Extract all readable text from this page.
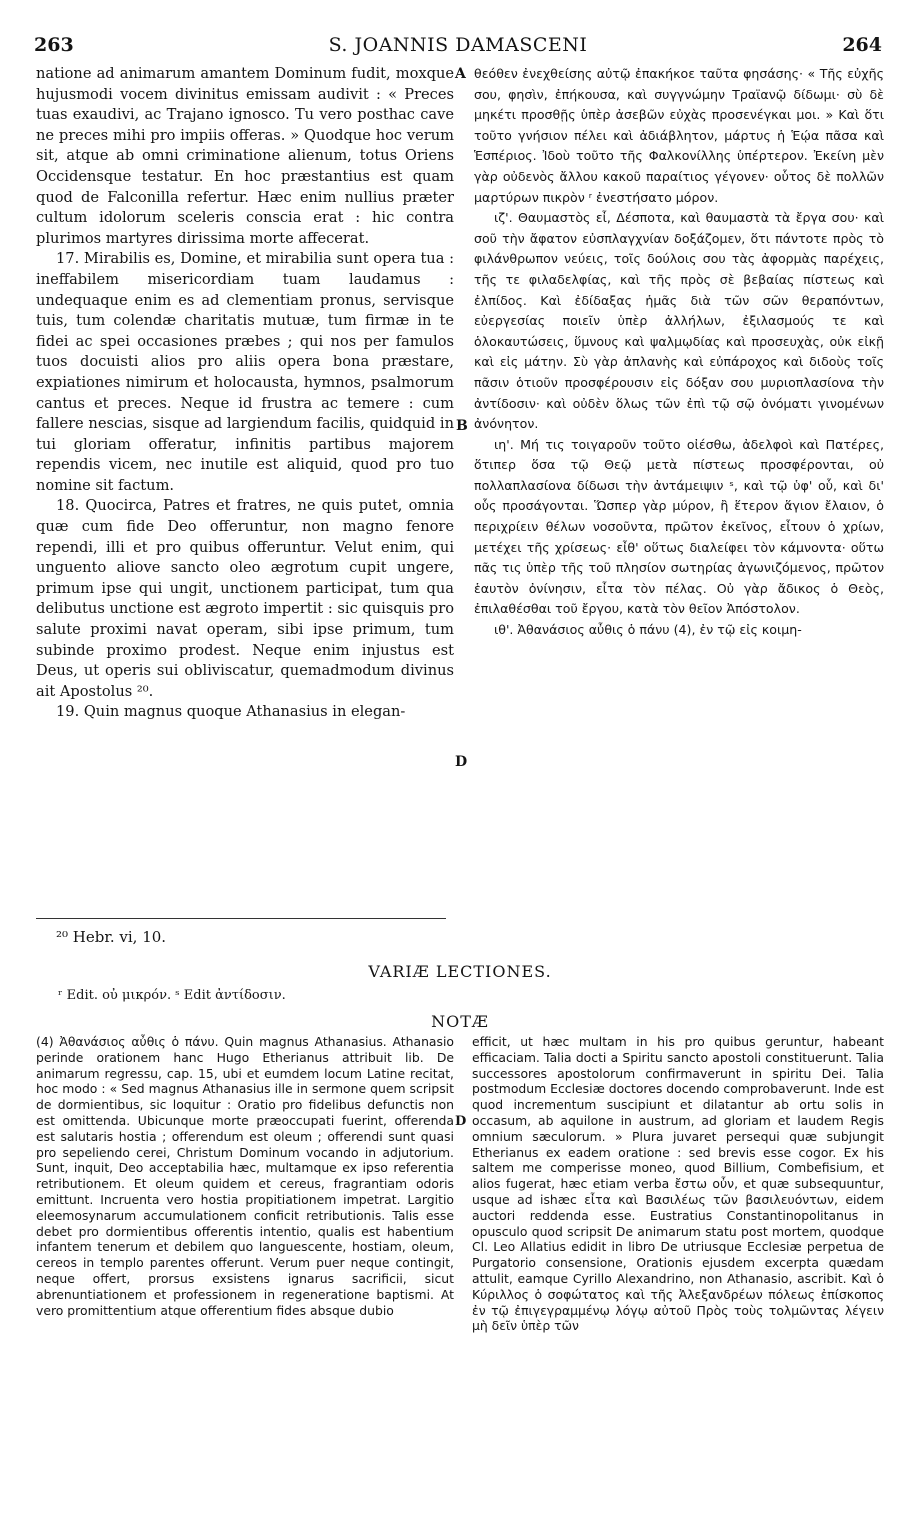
263	S. JOANNIS DAMASCENI	264

natione ad animarum amantem Dominum fudit, moxque hujusmodi vocem divinitus emissam audivit : « Preces tuas exaudivi, ac Trajano ignosco. Tu vero posthac cave ne preces mihi pro impiis offeras. » Quodque hoc verum sit, atque ab omni criminatione alienum, totus Oriens Occidensque testatur. En hoc præstantius est quam quod de Falconilla refertur. Hæc enim nullius præter cultum idolorum sceleris conscia erat : hic contra plurimos martyres dirissima morte affecerat.

17. Mirabilis es, Domine, et mirabilia sunt opera tua : ineffabilem misericordiam tuam laudamus : undequaque enim es ad clementiam pronus, servisque tuis, tum colendæ charitatis mutuæ, tum firmæ in te fidei ac spei occasiones præbes ; qui nos per famulos tuos docuisti alios pro aliis opera bona præstare, expiationes nimirum et holocausta, hymnos, psalmorum cantus et preces. Neque id frustra ac temere : cum fallere nescias, sisque ad largiendum facilis, quidquid in tui gloriam offeratur, infinitis partibus majorem rependis vicem, nec inutile est aliquid, quod pro tuo nomine sit factum.

18. Quocirca, Patres et fratres, ne quis putet, omnia quæ cum fide Deo offeruntur, non magno fenore rependi, illi et pro quibus offeruntur. Velut enim, qui unguento aliove sancto oleo ægrotum cupit ungere, primum ipse qui ungit, unctionem participat, tum qua delibutus unctione est ægroto impertit : sic quisquis pro salute proximi navat operam, sibi ipse primum, tum subinde proximo prodest. Neque enim injustus est Deus, ut operis sui obliviscatur, quemadmodum divinus ait Apostolus ²⁰.

19. Quin magnus quoque Athanasius in elegan-

A
B
D

θεόθεν ἐνεχθείσης αὐτῷ ἐπακήκοε ταῦτα φησάσης· « Τῆς εὐχῆς σου, φησὶν, ἐπήκουσα, καὶ συγγνώμην Τραϊανῷ δίδωμι· σὺ δὲ μηκέτι προσθῇς ὑπὲρ ἀσεβῶν εὐχὰς προσενέγκαι μοι. » Καὶ ὅτι τοῦτο γνήσιον πέλει καὶ ἀδιάβλητον, μάρτυς ἡ Ἑῴα πᾶσα καὶ Ἑσπέριος. Ἰδοὺ τοῦτο τῆς Φαλκονίλλης ὑπέρτερον. Ἐκείνη μὲν γὰρ οὐδενὸς ἄλλου κακοῦ παραίτιος γέγονεν· οὗτος δὲ πολλῶν μαρτύρων πικρὸν ʳ ἐνεστήσατο μόρον.

ιζ'. Θαυμαστὸς εἶ, Δέσποτα, καὶ θαυμαστὰ τὰ ἔργα σου· καὶ σοῦ τὴν ἄφατον εὐσπλαγχνίαν δοξάζομεν, ὅτι πάντοτε πρὸς τὸ φιλάνθρωπον νεύεις, τοῖς δούλοις σου τὰς ἀφορμὰς παρέχεις, τῆς τε φιλαδελφίας, καὶ τῆς πρὸς σὲ βεβαίας πίστεως καὶ ἐλπίδος. Καὶ ἐδίδαξας ἡμᾶς διὰ τῶν σῶν θεραπόντων, εὐεργεσίας ποιεῖν ὑπὲρ ἀλλήλων, ἐξιλασμούς τε καὶ ὁλοκαυτώσεις, ὕμνους καὶ ψαλμῳδίας καὶ προσευχὰς, οὐκ εἰκῇ καὶ εἰς μάτην. Σὺ γὰρ ἀπλανὴς καὶ εὐπάροχος καὶ διδοὺς τοῖς πᾶσιν ὁτιοῦν προσφέρουσιν εἰς δόξαν σου μυριοπλασίονα τὴν ἀντίδοσιν· καὶ οὐδὲν ὅλως τῶν ἐπὶ τῷ σῷ ὀνόματι γινομένων ἀνόνητον.

ιη'. Μή τις τοιγαροῦν τοῦτο οἰέσθω, ἀδελφοὶ καὶ Πατέρες, ὅτιπερ ὅσα τῷ Θεῷ μετὰ πίστεως προσφέρονται, οὐ πολλαπλασίονα δίδωσι τὴν ἀντάμειψιν ˢ, καὶ τῷ ὑφ' οὗ, καὶ δι' οὗς προσάγονται. Ὥσπερ γὰρ μύρον, ἢ ἕτερον ἅγιον ἔλαιον, ὁ περιχρίειν θέλων νοσοῦντα, πρῶτον ἐκεῖνος, εἶτουν ὁ χρίων, μετέχει τῆς χρίσεως· εἶθ' οὕτως διαλείφει τὸν κάμνοντα· οὕτω πᾶς τις ὑπὲρ τῆς τοῦ πλησίον σωτηρίας ἀγωνιζόμενος, πρῶτον ἑαυτὸν ὀνίνησιν, εἶτα τὸν πέλας. Οὐ γὰρ ἄδικος ὁ Θεὸς, ἐπιλαθέσθαι τοῦ ἔργου, κατὰ τὸν θεῖον Ἀπόστολον.

ιθ'. Ἀθανάσιος αὖθις ὁ πάνυ (4), ἐν τῷ εἰς κοιμη-

²⁰ Hebr. vi, 10.
VARIÆ LECTIONES.
ʳ Edit. οὐ μικρόν. ˢ Edit ἀντίδοσιν.
NOTÆ

(4) Ἀθανάσιος αὖθις ὁ πάνυ. Quin magnus Athanasius. Athanasio perinde orationem hanc Hugo Etherianus attribuit lib. De animarum regressu, cap. 15, ubi et eumdem locum Latine recitat, hoc modo : « Sed magnus Athanasius ille in sermone quem scripsit de dormientibus, sic loquitur : Oratio pro fidelibus defunctis non est omittenda. Ubicunque morte præoccupati fuerint, offerenda est salutaris hostia ; offerendum est oleum ; offerendi sunt quasi pro sepeliendo cerei, Christum Dominum vocando in adjutorium. Sunt, inquit, Deo acceptabilia hæc, multamque ex ipso referentia retributionem. Et oleum quidem et cereus, fragrantiam odoris emittunt. Incruenta vero hostia propitiationem impetrat. Largitio eleemosynarum accumulationem conficit retributionis. Talis esse debet pro dormientibus offerentis intentio, qualis est habentium infantem tenerum et debilem quo languescente, hostiam, oleum, cereos in templo parentes offerunt. Verum puer neque contingit, neque offert, prorsus exsistens ignarus sacrificii, sicut abrenuntiationem et professionem in regeneratione baptismi. At vero promittentium atque offerentium fides absque dubio

D

efficit, ut hæc multam in his pro quibus geruntur, habeant efficaciam. Talia docti a Spiritu sancto apostoli constituerunt. Talia successores apostolorum confirmaverunt in spiritu Dei. Talia postmodum Ecclesiæ doctores docendo comprobaverunt. Inde est quod incrementum suscipiunt et dilatantur ab ortu solis in occasum, ab aquilone in austrum, ad gloriam et laudem Regis omnium sæculorum. » Plura juvaret persequi quæ subjungit Etherianus ex eadem oratione : sed brevis esse cogor. Ex his saltem me comperisse moneo, quod Billium, Combefisium, et alios fugerat, hæc etiam verba ἔστω οὖν, et quæ subsequuntur, usque ad ishæc εἶτα καὶ Βασιλέως τῶν βασιλευόντων, eidem auctori reddenda esse. Eustratius Constantinopolitanus in opusculo quod scripsit De animarum statu post mortem, quodque Cl. Leo Allatius edidit in libro De utriusque Ecclesiæ perpetua de Purgatorio consensione, Orationis ejusdem excerpta quædam attulit, eamque Cyrillo Alexandrino, non Athanasio, ascribit. Καὶ ὁ Κύριλλος ὁ σοφώτατος καὶ τῆς Ἀλεξανδρέων πόλεως ἐπίσκοπος ἐν τῷ ἐπιγεγραμμένῳ λόγῳ αὐτοῦ Πρὸς τοὺς τολμῶντας λέγειν μὴ δεῖν ὑπὲρ τῶν
